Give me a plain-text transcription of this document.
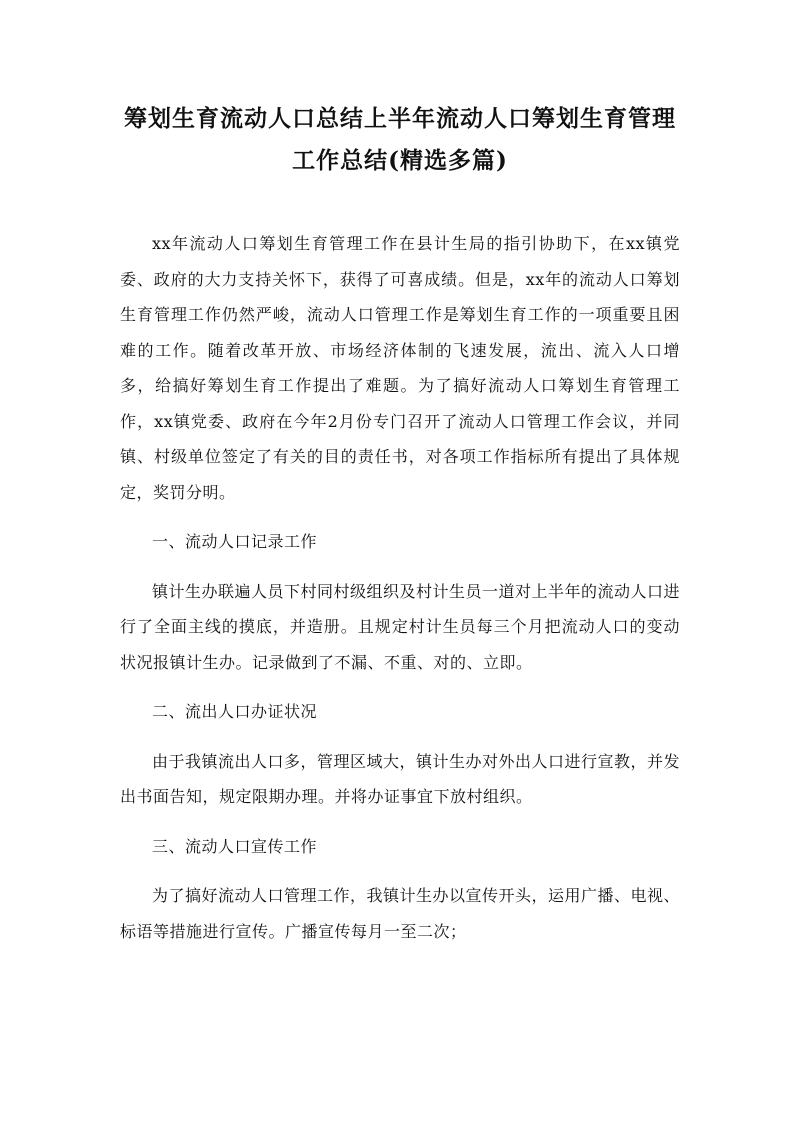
筹划生育流动人口总结上半年流动人口筹划生育管理工作总结(精选多篇)

xx年流动人口筹划生育管理工作在县计生局的指引协助下，在xx镇党委、政府的大力支持关怀下，获得了可喜成绩。但是，xx年的流动人口筹划生育管理工作仍然严峻，流动人口管理工作是筹划生育工作的一项重要且困难的工作。随着改革开放、市场经济体制的飞速发展，流出、流入人口增多，给搞好筹划生育工作提出了难题。为了搞好流动人口筹划生育管理工作，xx镇党委、政府在今年2月份专门召开了流动人口管理工作会议，并同镇、村级单位签定了有关的目的责任书，对各项工作指标所有提出了具体规定，奖罚分明。

一、流动人口记录工作

镇计生办联遍人员下村同村级组织及村计生员一道对上半年的流动人口进行了全面主线的摸底，并造册。且规定村计生员每三个月把流动人口的变动状况报镇计生办。记录做到了不漏、不重、对的、立即。

二、流出人口办证状况

由于我镇流出人口多，管理区域大，镇计生办对外出人口进行宣教，并发出书面告知，规定限期办理。并将办证事宜下放村组织。

三、流动人口宣传工作

为了搞好流动人口管理工作，我镇计生办以宣传开头，运用广播、电视、标语等措施进行宣传。广播宣传每月一至二次；
